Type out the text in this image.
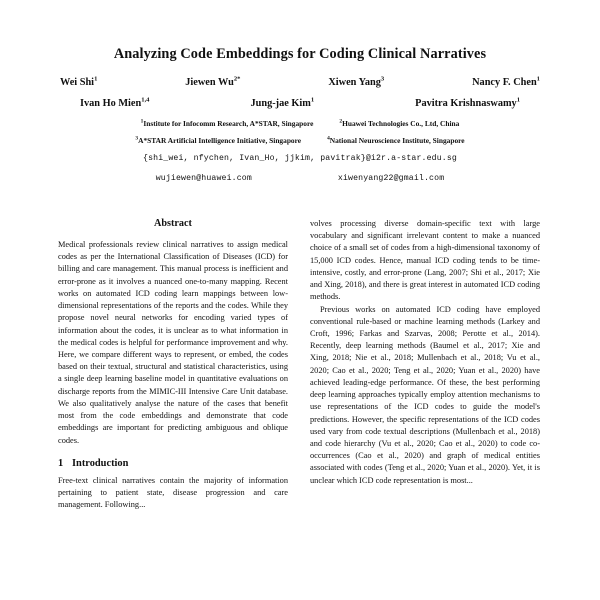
Analyzing Code Embeddings for Coding Clinical Narratives
Wei Shi$^1$	Jiewen $Wu^{2*}$	Xiwen Yang$^3$	Nancy F. Chen$^1$
Ivan Ho Mien$^{1,4}$	Jung-jae Kim$^1$	Pavitra Krishnaswamy$^1$
$^1$Institute for Infocomm Research, A*STAR, Singapore	$^2$Huawei Technologies Co., Ltd, China
$^3$A*STAR Artificial Intelligence Initiative, Singapore	$^4$National Neuroscience Institute, Singapore
{shi_wei, nfychen, Ivan_Ho, jjkim, pavitrak}@i2r.a-star.edu.sg
wujiewen@huawei.com	xiwenyang22@gmail.com
Abstract

Medical professionals review clinical narratives to assign medical codes as per the International Classification of Diseases (ICD) for billing and care management. This manual process is inefficient and error-prone as it involves a nuanced one-to-many mapping. Recent works on automated ICD coding learn mappings between low-dimensional representations of the reports and the codes. While they propose novel neural networks for encoding varied types of information about the codes, it is unclear as to what information in the medical codes is helpful for performance improvement and why. Here, we compare different ways to represent, or embed, the codes based on their textual, structural and statistical characteristics, using a single deep learning baseline model in quantitative evaluations on discharge reports from the MIMIC-III Intensive Care Unit database. We also qualitatively analyse the nature of the cases that benefit most from the code embeddings and demonstrate that code embeddings are important for predicting ambiguous and oblique codes.

1 Introduction

Free-text clinical narratives contain the majority of information pertaining to patient state, disease progression and care management. Following...

volves processing diverse domain-specific text with large vocabulary and significant irrelevant content to make a nuanced choice of a small set of codes from a high-dimensional taxonomy of 15,000 ICD codes. Hence, manual ICD coding tends to be time-intensive, costly, and error-prone (Lang, 2007; Shi et al., 2017; Xie and Xing, 2018), and there is great interest in automated ICD coding methods.

Previous works on automated ICD coding have employed conventional rule-based or machine learning methods (Larkey and Croft, 1996; Farkas and Szarvas, 2008; Perotte et al., 2014). Recently, deep learning methods (Baumel et al., 2017; Xie and Xing, 2018; Nie et al., 2018; Mullenbach et al., 2018; Vu et al., 2020; Cao et al., 2020; Teng et al., 2020; Yuan et al., 2020) have achieved leading-edge performance. Of these, the best performing deep learning approaches typically employ attention mechanisms to use representations of the ICD codes to guide the model's predictions. However, the specific representations of the ICD codes used vary from code textual descriptions (Mullenbach et al., 2018) and code hierarchy (Vu et al., 2020; Cao et al., 2020) to code co-occurrences (Cao et al., 2020) and graph of medical entities associated with codes (Teng et al., 2020; Yuan et al., 2020). Yet, it is unclear which ICD code representation is most...
